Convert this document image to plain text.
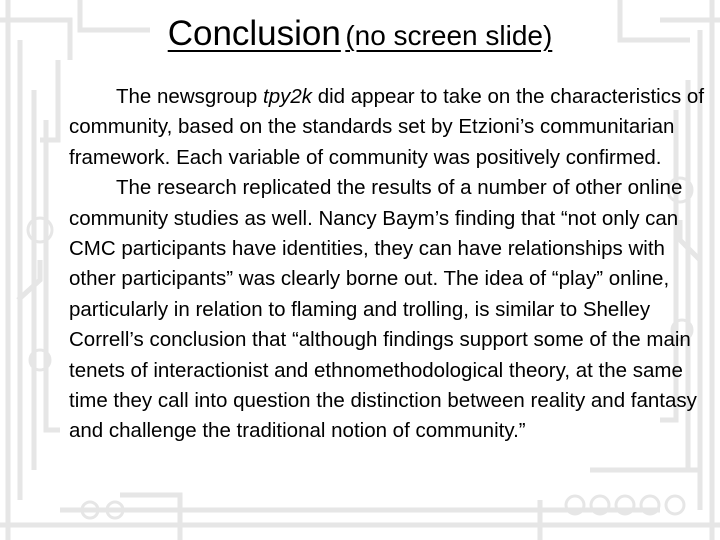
Conclusion (no screen slide)

The newsgroup tpy2k did appear to take on the characteristics of community, based on the standards set by Etzioni’s communitarian framework. Each variable of community was positively confirmed.

The research replicated the results of a number of other online community studies as well. Nancy Baym’s finding that “not only can CMC participants have identities, they can have relationships with other participants” was clearly borne out. The idea of “play” online, particularly in relation to flaming and trolling, is similar to Shelley Correll’s conclusion that “although findings support some of the main tenets of interactionist and ethnomethodological theory, at the same time they call into question the distinction between reality and fantasy and challenge the traditional notion of community.”
